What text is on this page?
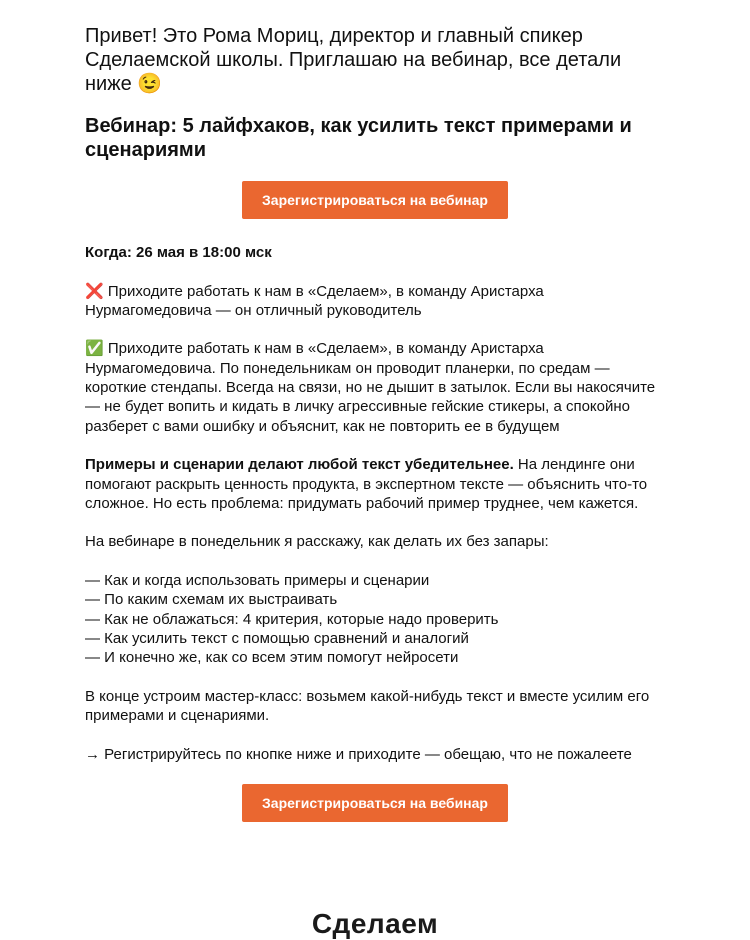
Привет! Это Рома Мориц, директор и главный спикер Сделаемской школы. Приглашаю на вебинар, все детали ниже 😉

Вебинар: 5 лайфхаков, как усилить текст примерами и сценариями

Зарегистрироваться на вебинар

Когда: 26 мая в 18:00 мск

❌ Приходите работать к нам в «Сделаем», в команду Аристарха Нурмагомедовича — он отличный руководитель

✅ Приходите работать к нам в «Сделаем», в команду Аристарха Нурмагомедовича. По понедельникам он проводит планерки, по средам — короткие стендапы. Всегда на связи, но не дышит в затылок. Если вы накосячите — не будет вопить и кидать в личку агрессивные гейские стикеры, а спокойно разберет с вами ошибку и объяснит, как не повторить ее в будущем

Примеры и сценарии делают любой текст убедительнее. На лендинге они помогают раскрыть ценность продукта, в экспертном тексте — объяснить что-то сложное. Но есть проблема: придумать рабочий пример труднее, чем кажется.

На вебинаре в понедельник я расскажу, как делать их без запары:

— Как и когда использовать примеры и сценарии

— По каким схемам их выстраивать

— Как не облажаться: 4 критерия, которые надо проверить

— Как усилить текст с помощью сравнений и аналогий

— И конечно же, как со всем этим помогут нейросети

В конце устроим мастер-класс: возьмем какой-нибудь текст и вместе усилим его примерами и сценариями.

→ Регистрируйтесь по кнопке ниже и приходите — обещаю, что не пожалеете

Зарегистрироваться на вебинар
Сделаем
